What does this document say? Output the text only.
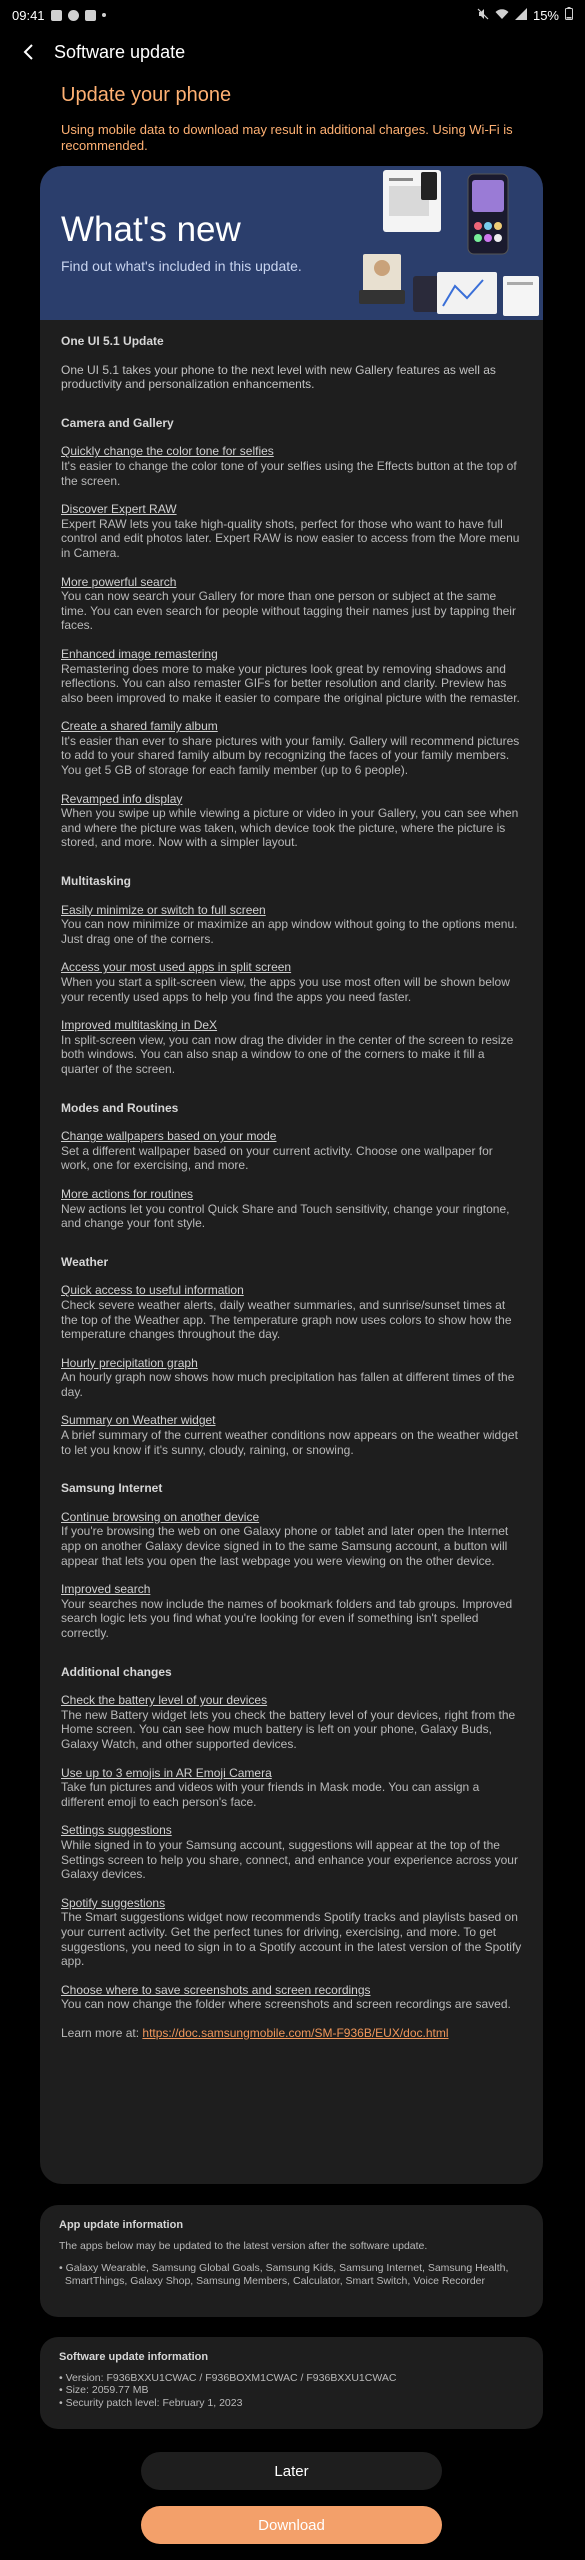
09:41	15%
Software update
Update your phone
Using mobile data to download may result in additional charges. Using Wi-Fi is recommended.
What's new
Find out what's included in this update.
One UI 5.1 Update
One UI 5.1 takes your phone to the next level with new Gallery features as well as productivity and personalization enhancements.
Camera and Gallery
Quickly change the color tone for selfies
It's easier to change the color tone of your selfies using the Effects button at the top of the screen.
Discover Expert RAW
Expert RAW lets you take high-quality shots, perfect for those who want to have full control and edit photos later. Expert RAW is now easier to access from the More menu in Camera.
More powerful search
You can now search your Gallery for more than one person or subject at the same time. You can even search for people without tagging their names just by tapping their faces.
Enhanced image remastering
Remastering does more to make your pictures look great by removing shadows and reflections. You can also remaster GIFs for better resolution and clarity. Preview has also been improved to make it easier to compare the original picture with the remaster.
Create a shared family album
It's easier than ever to share pictures with your family. Gallery will recommend pictures to add to your shared family album by recognizing the faces of your family members. You get 5 GB of storage for each family member (up to 6 people).
Revamped info display
When you swipe up while viewing a picture or video in your Gallery, you can see when and where the picture was taken, which device took the picture, where the picture is stored, and more. Now with a simpler layout.
Multitasking
Easily minimize or switch to full screen
You can now minimize or maximize an app window without going to the options menu. Just drag one of the corners.
Access your most used apps in split screen
When you start a split-screen view, the apps you use most often will be shown below your recently used apps to help you find the apps you need faster.
Improved multitasking in DeX
In split-screen view, you can now drag the divider in the center of the screen to resize both windows. You can also snap a window to one of the corners to make it fill a quarter of the screen.
Modes and Routines
Change wallpapers based on your mode
Set a different wallpaper based on your current activity. Choose one wallpaper for work, one for exercising, and more.
More actions for routines
New actions let you control Quick Share and Touch sensitivity, change your ringtone, and change your font style.
Weather
Quick access to useful information
Check severe weather alerts, daily weather summaries, and sunrise/sunset times at the top of the Weather app. The temperature graph now uses colors to show how the temperature changes throughout the day.
Hourly precipitation graph
An hourly graph now shows how much precipitation has fallen at different times of the day.
Summary on Weather widget
A brief summary of the current weather conditions now appears on the weather widget to let you know if it's sunny, cloudy, raining, or snowing.
Samsung Internet
Continue browsing on another device
If you're browsing the web on one Galaxy phone or tablet and later open the Internet app on another Galaxy device signed in to the same Samsung account, a button will appear that lets you open the last webpage you were viewing on the other device.
Improved search
Your searches now include the names of bookmark folders and tab groups. Improved search logic lets you find what you're looking for even if something isn't spelled correctly.
Additional changes
Check the battery level of your devices
The new Battery widget lets you check the battery level of your devices, right from the Home screen. You can see how much battery is left on your phone, Galaxy Buds, Galaxy Watch, and other supported devices.
Use up to 3 emojis in AR Emoji Camera
Take fun pictures and videos with your friends in Mask mode. You can assign a different emoji to each person's face.
Settings suggestions
While signed in to your Samsung account, suggestions will appear at the top of the Settings screen to help you share, connect, and enhance your experience across your Galaxy devices.
Spotify suggestions
The Smart suggestions widget now recommends Spotify tracks and playlists based on your current activity. Get the perfect tunes for driving, exercising, and more. To get suggestions, you need to sign in to a Spotify account in the latest version of the Spotify app.
Choose where to save screenshots and screen recordings
You can now change the folder where screenshots and screen recordings are saved.
Learn more at: https://doc.samsungmobile.com/SM-F936B/EUX/doc.html
App update information
The apps below may be updated to the latest version after the software update.
• Galaxy Wearable, Samsung Global Goals, Samsung Kids, Samsung Internet, Samsung Health,
SmartThings, Galaxy Shop, Samsung Members, Calculator, Smart Switch, Voice Recorder
Software update information
• Version: F936BXXU1CWAC / F936BOXM1CWAC / F936BXXU1CWAC
• Size: 2059.77 MB
• Security patch level: February 1, 2023
Later
Download
